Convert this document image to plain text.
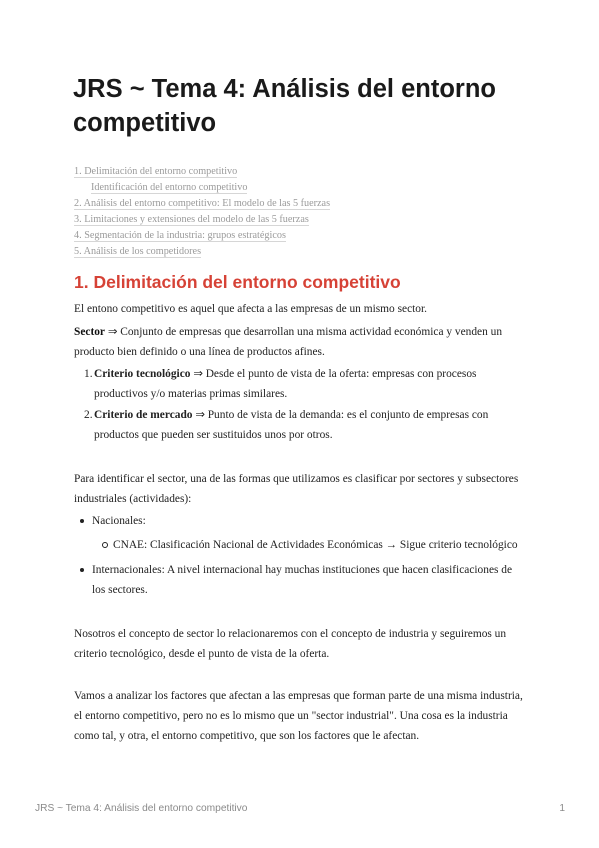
JRS ~ Tema 4: Análisis del entorno competitivo
1. Delimitación del entorno competitivo
Identificación del entorno competitivo
2. Análisis del entorno competitivo: El modelo de las 5 fuerzas
3. Limitaciones y extensiones del modelo de las 5 fuerzas
4. Segmentación de la industria: grupos estratégicos
5. Análisis de los competidores
1. Delimitación del entorno competitivo

El entono competitivo es aquel que afecta a las empresas de un mismo sector.

Sector ⇒ Conjunto de empresas que desarrollan una misma actividad económica y venden un producto bien definido o una línea de productos afines.

1. Criterio tecnológico ⇒ Desde el punto de vista de la oferta: empresas con procesos productivos y/o materias primas similares.
2. Criterio de mercado ⇒ Punto de vista de la demanda: es el conjunto de empresas con productos que pueden ser sustituidos unos por otros.

Para identificar el sector, una de las formas que utilizamos es clasificar por sectores y subsectores industriales (actividades):

Nacionales:
CNAE: Clasificación Nacional de Actividades Económicas → Sigue criterio tecnológico
Internacionales: A nivel internacional hay muchas instituciones que hacen clasificaciones de los sectores.

Nosotros el concepto de sector lo relacionaremos con el concepto de industria y seguiremos un criterio tecnológico, desde el punto de vista de la oferta.

Vamos a analizar los factores que afectan a las empresas que forman parte de una misma industria, el entorno competitivo, pero no es lo mismo que un "sector industrial". Una cosa es la industria como tal, y otra, el entorno competitivo, que son los factores que le afectan.

JRS ~ Tema 4: Análisis del entorno competitivo	1
